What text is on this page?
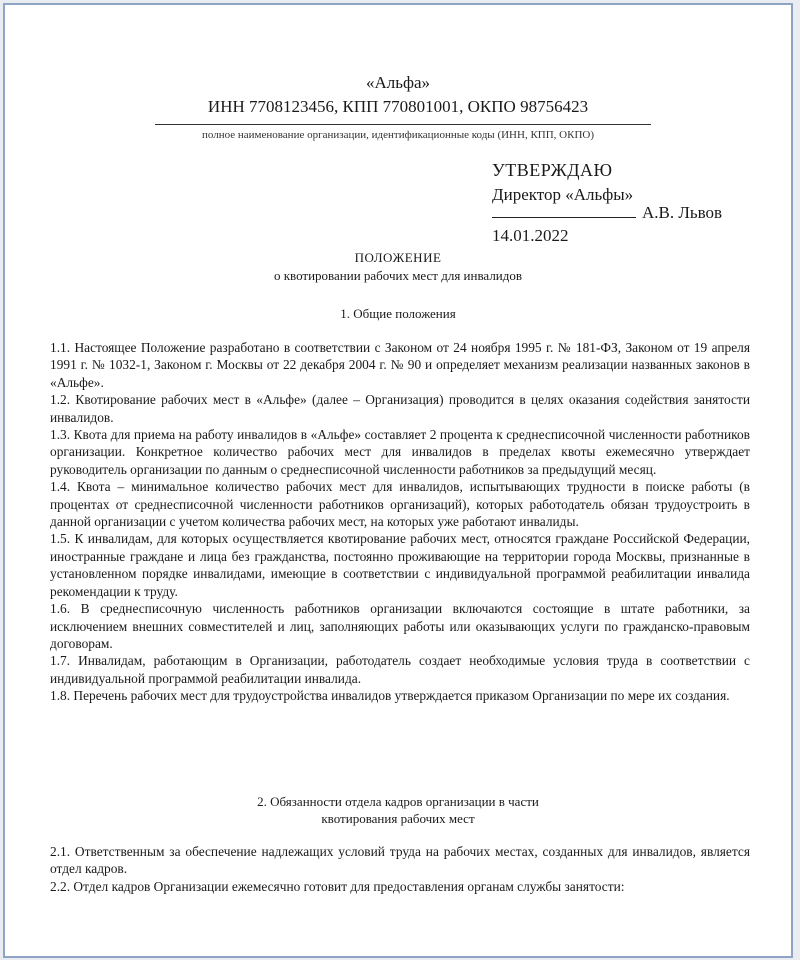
«Альфа»
ИНН 7708123456, КПП 770801001, ОКПО 98756423
полное наименование организации, идентификационные коды (ИНН, КПП, ОКПО)
УТВЕРЖДАЮ
Директор «Альфы»
А.В. Львов
14.01.2022
ПОЛОЖЕНИЕ
о квотировании рабочих мест для инвалидов
1. Общие положения

1.1. Настоящее Положение разработано в соответствии с Законом от 24 ноября 1995 г. № 181-ФЗ, Законом от 19 апреля 1991 г. № 1032-1, Законом г. Москвы от 22 декабря 2004 г. № 90 и определяет механизм реализации названных законов в «Альфе».

1.2. Квотирование рабочих мест в «Альфе» (далее – Организация) проводится в целях оказания содействия занятости инвалидов.

1.3. Квота для приема на работу инвалидов в «Альфе» составляет 2 процента к среднесписочной численности работников организации. Конкретное количество рабочих мест для инвалидов в пределах квоты ежемесячно утверждает руководитель организации по данным о среднесписочной численности работников за предыдущий месяц.

1.4. Квота – минимальное количество рабочих мест для инвалидов, испытывающих трудности в поиске работы (в процентах от среднесписочной численности работников организаций), которых работодатель обязан трудоустроить в данной организации с учетом количества рабочих мест, на которых уже работают инвалиды.

1.5. К инвалидам, для которых осуществляется квотирование рабочих мест, относятся граждане Российской Федерации, иностранные граждане и лица без гражданства, постоянно проживающие на территории города Москвы, признанные в установленном порядке инвалидами, имеющие в соответствии с индивидуальной программой реабилитации инвалида рекомендации к труду.

1.6. В среднесписочную численность работников организации включаются состоящие в штате работники, за исключением внешних совместителей и лиц, заполняющих работы или оказывающих услуги по гражданско-правовым договорам.

1.7. Инвалидам, работающим в Организации, работодатель создает необходимые условия труда в соответствии с индивидуальной программой реабилитации инвалида.

1.8. Перечень рабочих мест для трудоустройства инвалидов утверждается приказом Организации по мере их создания.

2. Обязанности отдела кадров организации в части
квотирования рабочих мест

2.1. Ответственным за обеспечение надлежащих условий труда на рабочих местах, созданных для инвалидов, является отдел кадров.

2.2. Отдел кадров Организации ежемесячно готовит для предоставления органам службы занятости:
